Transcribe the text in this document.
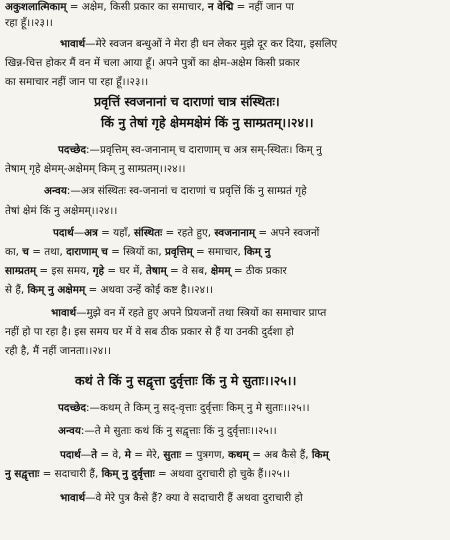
अकुशलात्मिकाम् = अक्षेम, किसी प्रकार का समाचार, न वेद्मि = नहीं जान पा
रहा हूँ।।२३।।
भावार्थ—मेरे स्वजन बन्धुओं ने मेरा ही धन लेकर मुझे दूर कर दिया, इसलिए
खिन्न-चित्त होकर मैं वन में चला आया हूँ। अपने पुत्रों का क्षेम-अक्षेम किसी प्रकार
का समाचार नहीं जान पा रहा हूँ।।२३।।
प्रवृत्तिं स्वजनानां च दाराणां चात्र संस्थितः।
किं नु तेषां गृहे क्षेममक्षेमं किं नु साम्प्रतम्।।२४।।
पदच्छेद:—प्रवृत्तिम् स्व-जनानाम् च दाराणाम् च अत्र सम्-स्थितः। किम् नु
तेषाम् गृहे क्षेमम्-अक्षेमम् किम् नु साम्प्रतम्।।२४।।
अन्वय:—अत्र संस्थितः स्व-जनानां च दाराणां च प्रवृत्तिं किं नु साम्प्रतं गृहे
तेषां क्षेमं किं नु अक्षेमम्।।२४।।
पदार्थ—अत्र = यहाँ, संस्थितः = रहते हुए, स्वजनानाम् = अपने स्वजनों
का, च = तथा, दाराणाम् च = स्त्रियों का, प्रवृत्तिम् = समाचार, किम् नु
साम्प्रतम् = इस समय, गृहे = घर में, तेषाम् = वे सब, क्षेमम् = ठीक प्रकार
से हैं, किम् नु अक्षेमम् = अथवा उन्हें कोई कष्ट है।।२४।।
भावार्थ—मुझे वन में रहते हुए अपने प्रियजनों तथा स्त्रियों का समाचार प्राप्त
नहीं हो पा रहा है। इस समय घर में वे सब ठीक प्रकार से हैं या उनकी दुर्दशा हो
रही है, मैं नहीं जानता।।२४।।
कथं ते किं नु सद्वृत्ता दुर्वृत्ताः किं नु मे सुताः।।२५।।
पदच्छेद:—कथम् ते किम् नु सद्-वृत्ताः दुर्वृत्ताः किम् नु मे सुताः।।२५।।
अन्वय:—ते मे सुताः कथं किं नु सद्वृत्ताः किं नु दुर्वृत्ताः।।२५।।
पदार्थ—ते = वे, मे = मेरे, सुताः = पुत्रगण, कथम् = अब कैसे हैं, किम्
नु सद्वृत्ताः = सदाचारी हैं, किम् नु दुर्वृत्ताः = अथवा दुराचारी हो चुके हैं।।२५।।
भावार्थ—वे मेरे पुत्र कैसे हैं? क्या वे सदाचारी हैं अथवा दुराचारी हो
